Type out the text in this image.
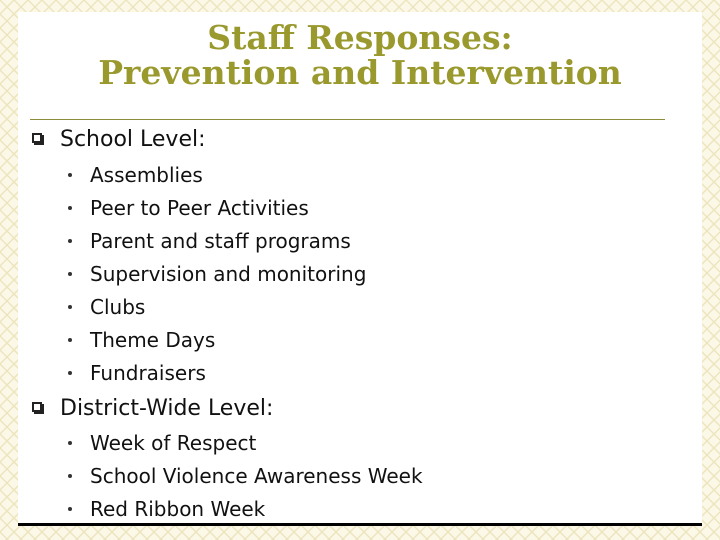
Staff Responses:
Prevention and Intervention
School Level:
Assemblies
Peer to Peer Activities
Parent and staff programs
Supervision and monitoring
Clubs
Theme Days
Fundraisers
District-Wide Level:
Week of Respect
School Violence Awareness Week
Red Ribbon Week
